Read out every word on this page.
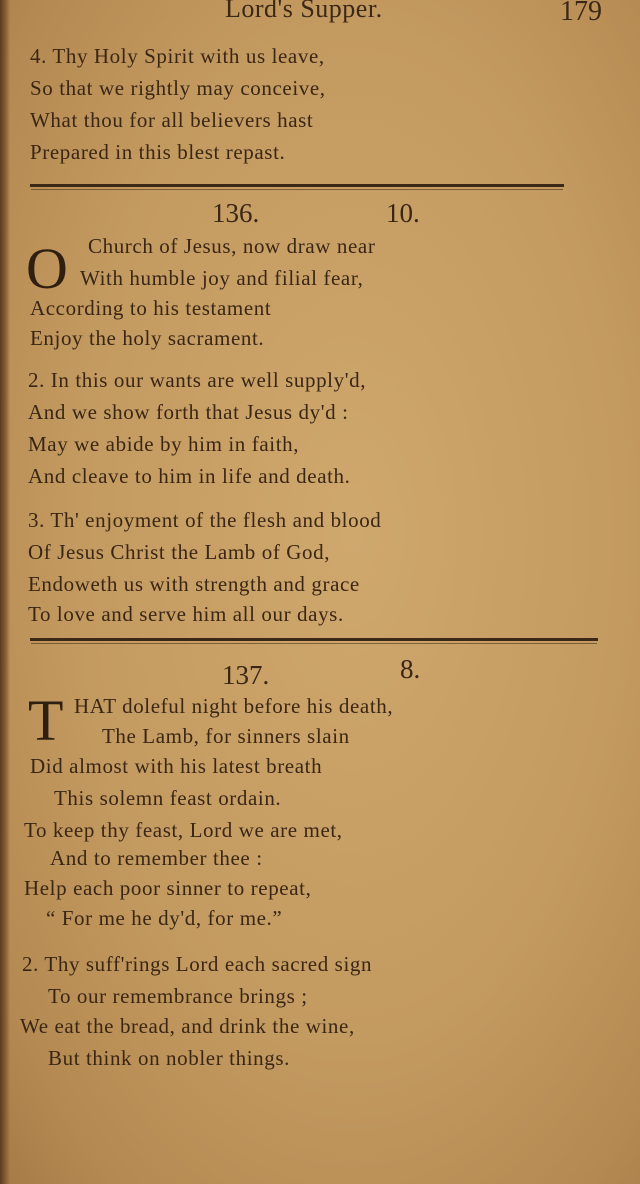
Lord's Supper.	179
4. Thy Holy Spirit with us leave,
So that we rightly may conceive,
What thou for all believers hast
Prepared in this blest repast.
136.	10.
O Church of Jesus, now draw near
With humble joy and filial fear,
According to his testament
Enjoy the holy sacrament.
2. In this our wants are well supply'd,
And we show forth that Jesus dy'd :
May we abide by him in faith,
And cleave to him in life and death.
3. Th' enjoyment of the flesh and blood
Of Jesus Christ the Lamb of God,
Endoweth us with strength and grace
To love and serve him all our days.
137.	8.
T HAT doleful night before his death,
The Lamb, for sinners slain
Did almost with his latest breath
This solemn feast ordain.
To keep thy feast, Lord we are met,
And to remember thee :
Help each poor sinner to repeat,
“ For me he dy'd, for me.”
2. Thy suff'rings Lord each sacred sign
To our remembrance brings ;
We eat the bread, and drink the wine,
But think on nobler things.
